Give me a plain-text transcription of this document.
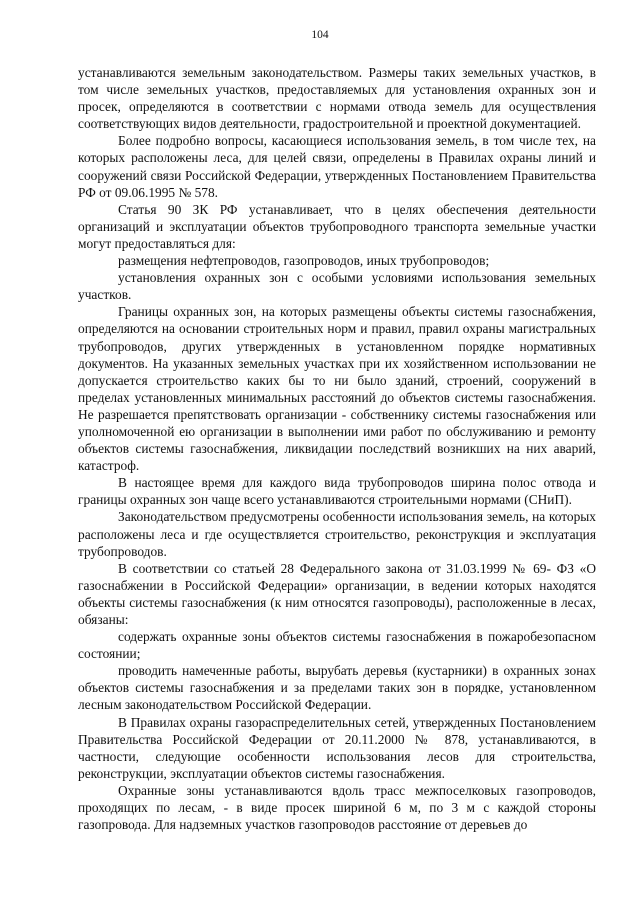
104

устанавливаются земельным законодательством. Размеры таких земельных участков, в том числе земельных участков, предоставляемых для установления охранных зон и просек, определяются в соответствии с нормами отвода земель для осуществления соответствующих видов деятельности, градостроительной и проектной документацией.

Более подробно вопросы, касающиеся использования земель, в том числе тех, на которых расположены леса, для целей связи, определены в Правилах охраны линий и сооружений связи Российской Федерации, утвержденных Постановлением Правительства РФ от 09.06.1995 № 578.

Статья 90 ЗК РФ устанавливает, что в целях обеспечения деятельности организаций и эксплуатации объектов трубопроводного транспорта земельные участки могут предоставляться для:

размещения нефтепроводов, газопроводов, иных трубопроводов;

установления охранных зон с особыми условиями использования земельных участков.

Границы охранных зон, на которых размещены объекты системы газоснабжения, определяются на основании строительных норм и правил, правил охраны магистральных трубопроводов, других утвержденных в установленном порядке нормативных документов. На указанных земельных участках при их хозяйственном использовании не допускается строительство каких бы то ни было зданий, строений, сооружений в пределах установленных минимальных расстояний до объектов системы газоснабжения. Не разрешается препятствовать организации - собственнику системы газоснабжения или уполномоченной ею организации в выполнении ими работ по обслуживанию и ремонту объектов системы газоснабжения, ликвидации последствий возникших на них аварий, катастроф.

В настоящее время для каждого вида трубопроводов ширина полос отвода и границы охранных зон чаще всего устанавливаются строительными нормами (СНиП).

Законодательством предусмотрены особенности использования земель, на которых расположены леса и где осуществляется строительство, реконструкция и эксплуатация трубопроводов.

В соответствии со статьей 28 Федерального закона от 31.03.1999 № 69- ФЗ «О газоснабжении в Российской Федерации» организации, в ведении которых находятся объекты системы газоснабжения (к ним относятся газопроводы), расположенные в лесах, обязаны:

содержать охранные зоны объектов системы газоснабжения в пожаробезопасном состоянии;

проводить намеченные работы, вырубать деревья (кустарники) в охранных зонах объектов системы газоснабжения и за пределами таких зон в порядке, установленном лесным законодательством Российской Федерации.

В Правилах охраны газораспределительных сетей, утвержденных Постановлением Правительства Российской Федерации от 20.11.2000 № 878, устанавливаются, в частности, следующие особенности использования лесов для строительства, реконструкции, эксплуатации объектов системы газоснабжения.

Охранные зоны устанавливаются вдоль трасс межпоселковых газопроводов, проходящих по лесам, - в виде просек шириной 6 м, по 3 м с каждой стороны газопровода. Для надземных участков газопроводов расстояние от деревьев до
